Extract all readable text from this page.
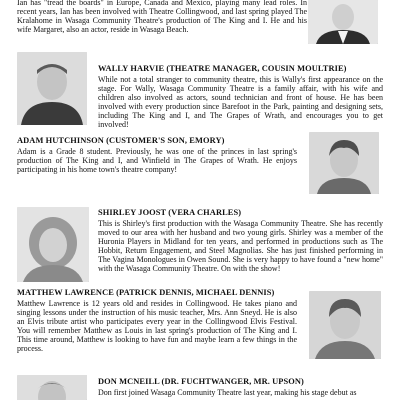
Ian has "tread the boards" in Europe, Canada and Mexico, playing many lead roles. In recent years, Ian has been involved with Theatre Collingwood, and last spring played The Kralahome in Wasaga Community Theatre's production of The King and I. He and his wife Margaret, also an actor, reside in Wasaga Beach.

WALLY HARVIE (THEATRE MANAGER, COUSIN MOULTRIE)

While not a total stranger to community theatre, this is Wally's first appearance on the stage. For Wally, Wasaga Community Theatre is a family affair, with his wife and children also involved as actors, sound technician and front of house. He has been involved with every production since Barefoot in the Park, painting and designing sets, including The King and I, and The Grapes of Wrath, and encourages you to get involved!

ADAM HUTCHINSON (CUSTOMER'S SON, EMORY)

Adam is a Grade 8 student. Previously, he was one of the princes in last spring's production of The King and I, and Winfield in The Grapes of Wrath. He enjoys participating in his home town's theatre company!

SHIRLEY JOOST (VERA CHARLES)

This is Shirley's first production with the Wasaga Community Theatre. She has recently moved to our area with her husband and two young girls. Shirley was a member of the Huronia Players in Midland for ten years, and performed in productions such as The Hobbit, Return Engagement, and Steel Magnolias. She has just finished performing in The Vagina Monologues in Owen Sound. She is very happy to have found a "new home" with the Wasaga Community Theatre. On with the show!

MATTHEW LAWRENCE (PATRICK DENNIS, MICHAEL DENNIS)

Matthew Lawrence is 12 years old and resides in Collingwood. He takes piano and singing lessons under the instruction of his music teacher, Mrs. Ann Sneyd. He is also an Elvis tribute artist who participates every year in the Collingwood Elvis Festival. You will remember Matthew as Louis in last spring's production of The King and I. This time around, Matthew is looking to have fun and maybe learn a few things in the process.

DON MCNEILL (DR. FUCHTWANGER, MR. UPSON)

Don first joined Wasaga Community Theatre last year, making his stage debut as
